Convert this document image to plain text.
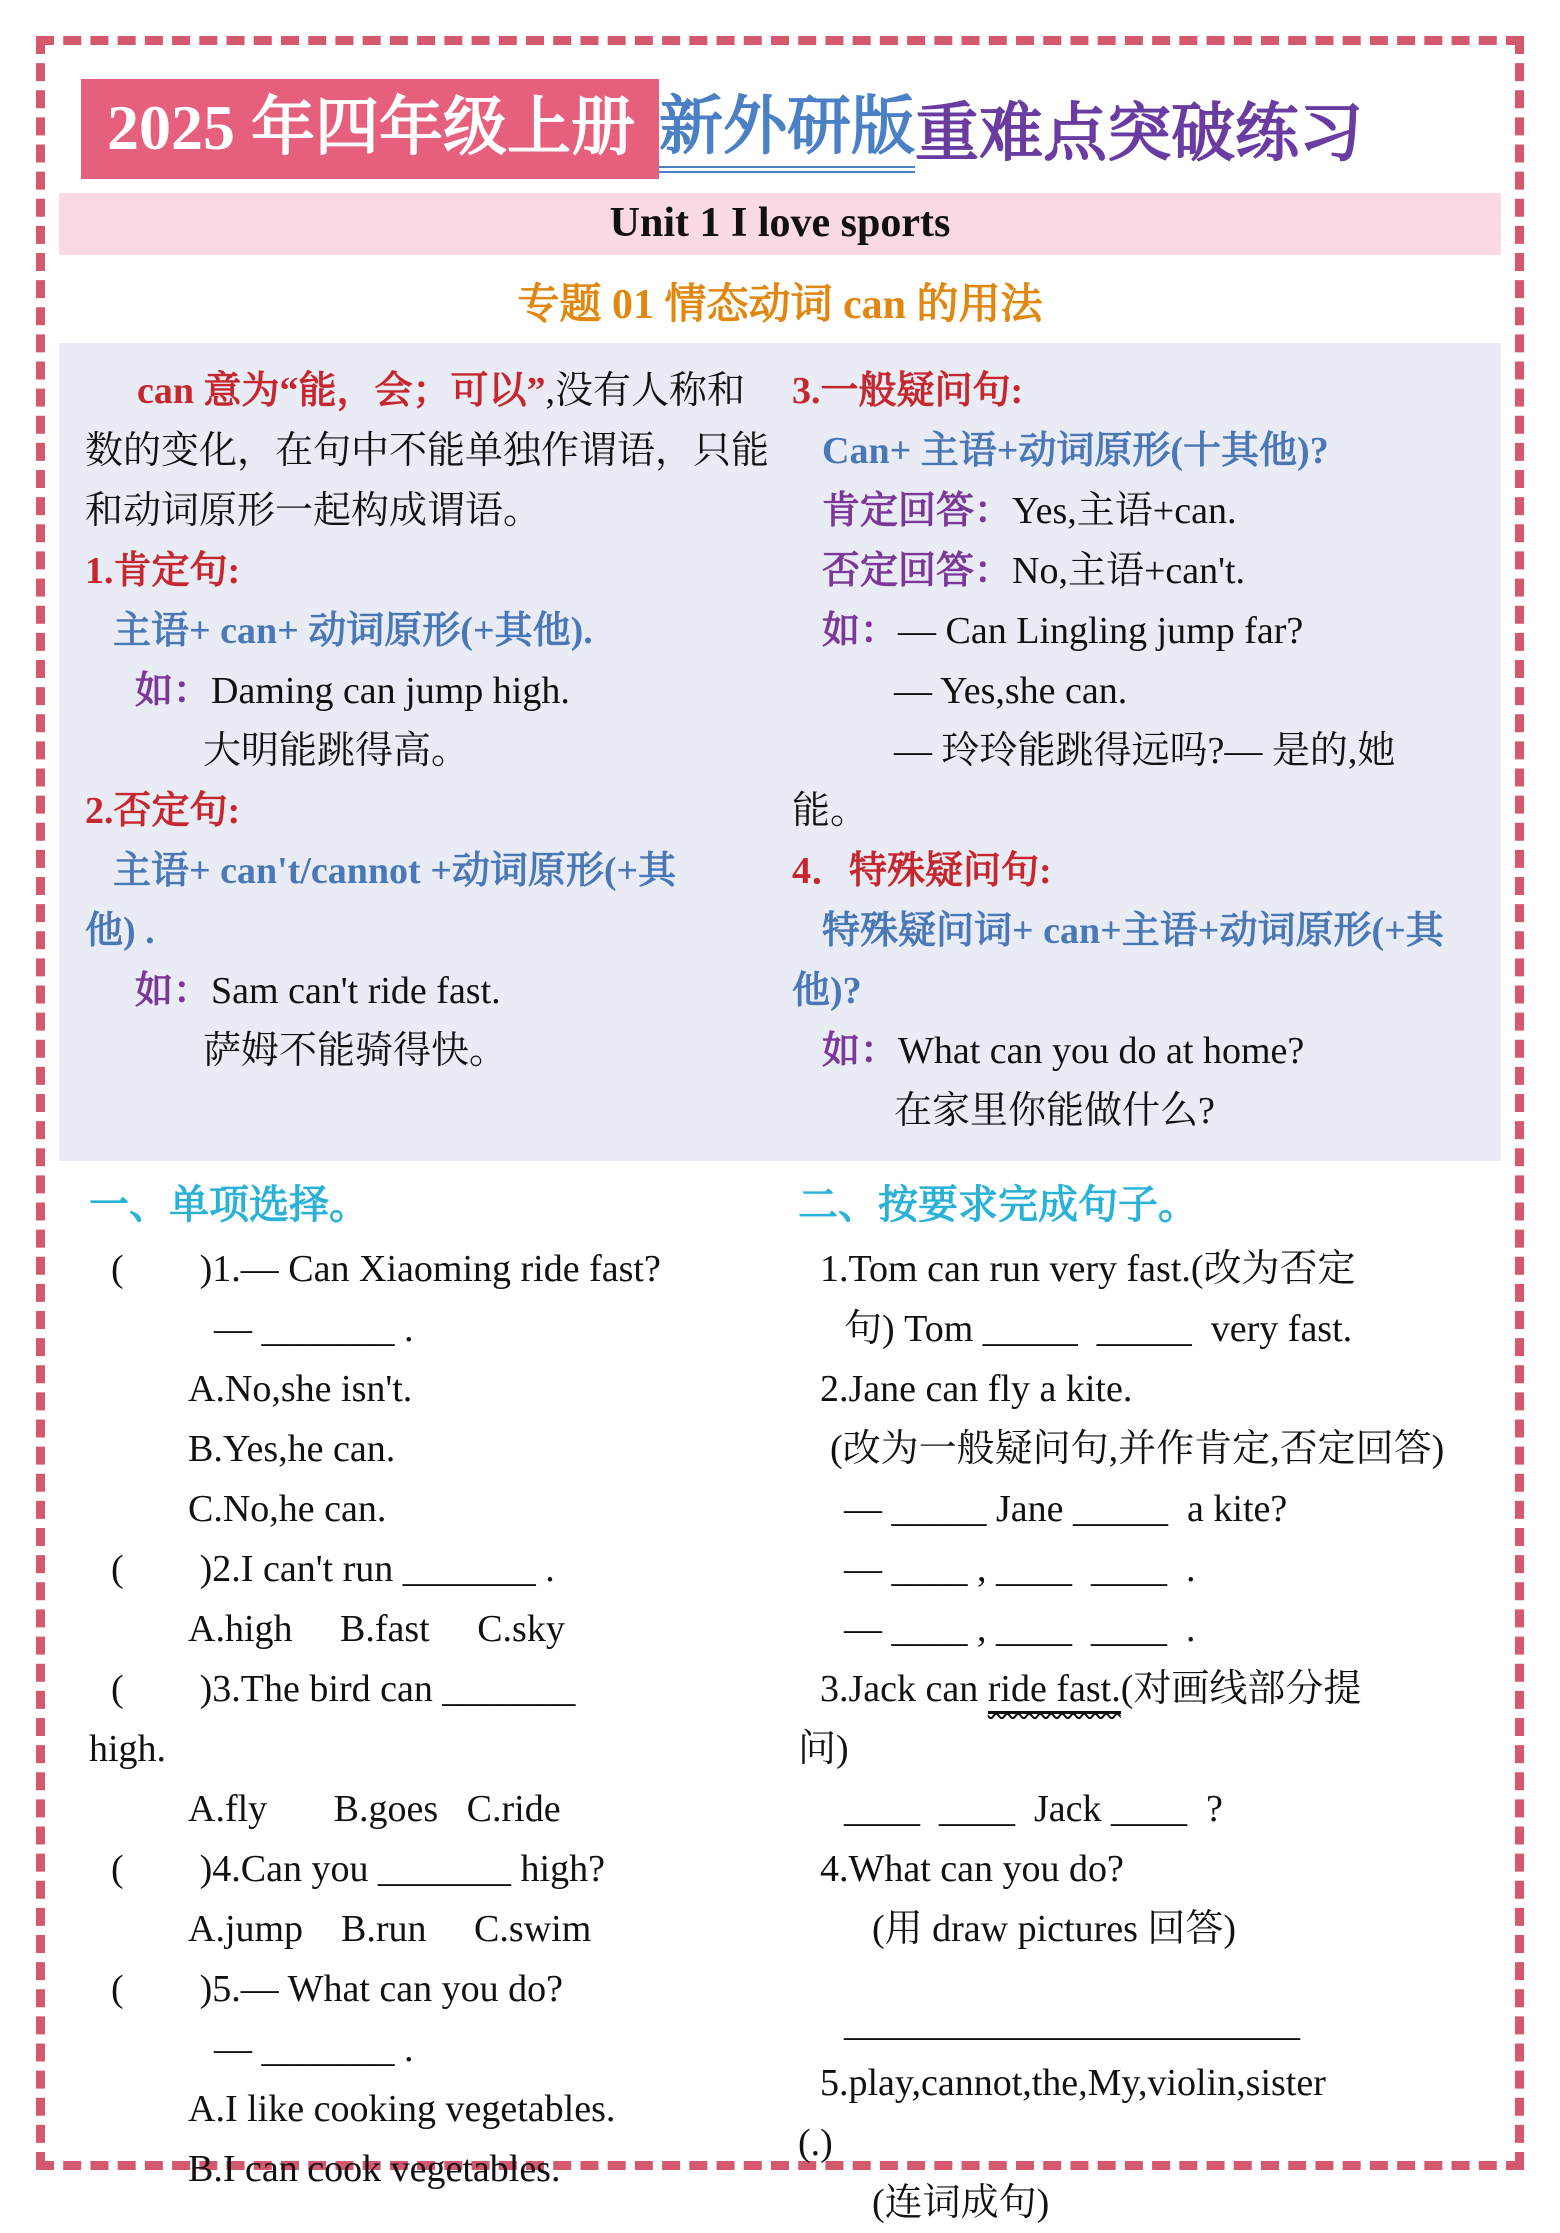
2025 年四年级上册 新外研版重难点突破练习
Unit 1 I love sports
专题 01 情态动词 can 的用法

can 意为“能，会；可以”,没有人称和

数的变化，在句中不能单独作谓语，只能

和动词原形一起构成谓语。

1.肯定句:

主语+ can+ 动词原形(+其他).

如：Daming can jump high.

大明能跳得高。

2.否定句:

主语+ can't/cannot +动词原形(+其

他) .

如：Sam can't ride fast.

萨姆不能骑得快。

3.一般疑问句:

Can+ 主语+动词原形(十其他)?

肯定回答：Yes,主语+can.

否定回答：No,主语+can't.

如：— Can Lingling jump far?

— Yes,she can.

— 玲玲能跳得远吗?— 是的,她

能。

4．特殊疑问句:

特殊疑问词+ can+主语+动词原形(+其

他)?

如：What can you do at home?

在家里你能做什么?

一、单项选择。

(        )1.— Can Xiaoming ride fast?

— _______ .

A.No,she isn't.

B.Yes,he can.

C.No,he can.

(        )2.I can't run _______ .

A.high     B.fast     C.sky

(        )3.The bird can _______

high.

A.fly       B.goes   C.ride

(        )4.Can you _______ high?

A.jump    B.run     C.swim

(        )5.— What can you do?

— _______ .

A.I like cooking vegetables.

B.I can cook vegetables.

二、按要求完成句子。

1.Tom can run very fast.(改为否定

句) Tom _____  _____  very fast.

2.Jane can fly a kite.

(改为一般疑问句,并作肯定,否定回答)

— _____ Jane _____  a kite?

— ____ , ____  ____  .

— ____ , ____  ____  .

3.Jack can ride fast.(对画线部分提

问)

____  ____  Jack ____  ?

4.What can you do?

(用 draw pictures 回答)

________________________

5.play,cannot,the,My,violin,sister

(.)

(连词成句)
